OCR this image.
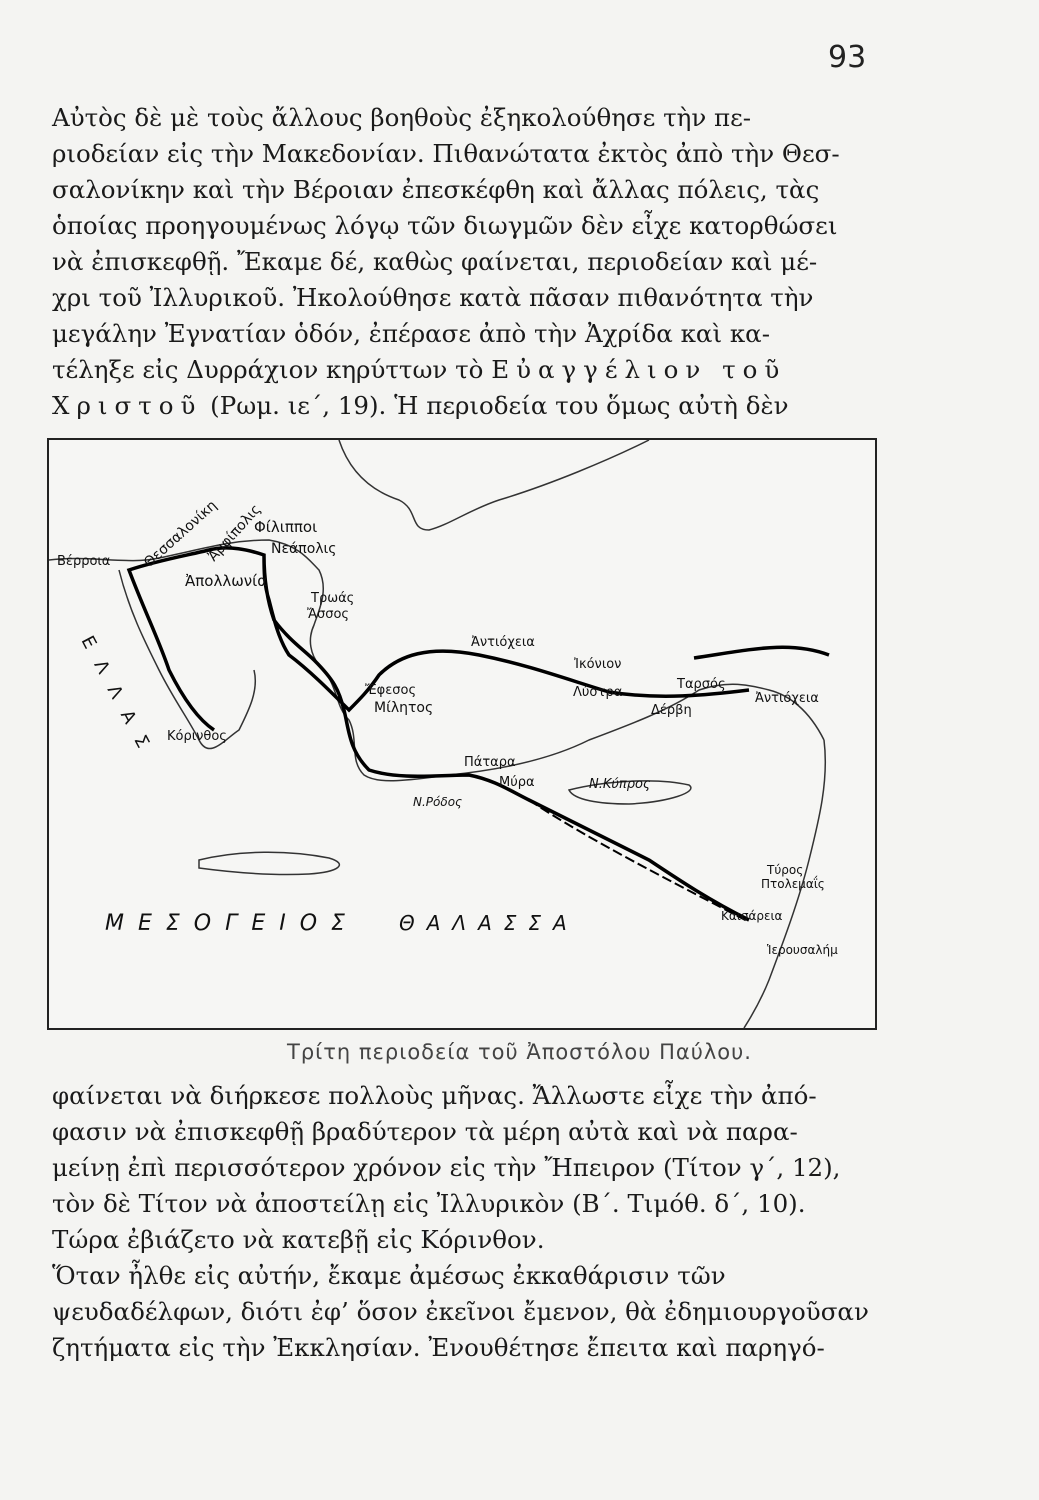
93
Αὐτὸς δὲ μὲ τοὺς ἄλλους βοηθοὺς ἐξηκολούθησε τὴν πε-
ριοδείαν εἰς τὴν Μακεδονίαν. Πιθανώτατα ἐκτὸς ἀπὸ τὴν Θεσ-
σαλονίκην καὶ τὴν Βέροιαν ἐπεσκέφθη καὶ ἄλλας πόλεις, τὰς
ὁποίας προηγουμένως λόγῳ τῶν διωγμῶν δὲν εἶχε κατορθώσει
νὰ ἐπισκεφθῇ. Ἔκαμε δέ, καθὼς φαίνεται, περιοδείαν καὶ μέ-
χρι τοῦ Ἰλλυρικοῦ. Ἠκολούθησε κατὰ πᾶσαν πιθανότητα τὴν
μεγάλην Ἐγνατίαν ὁδόν, ἐπέρασε ἀπὸ τὴν Ἀχρίδα καὶ κα-
τέληξε εἰς Δυρράχιον κηρύττων τὸ Εὐαγγέλιον τοῦ
Χριστοῦ (Ρωμ. ιε΄, 19). Ἡ περιοδεία του ὅμως αὐτὴ δὲν
Φίλιπποι
Ἀμφίπολις
Θεσσαλονίκη	Νεάπολις
Βέρροια
Ἀπολλωνία
Τρωάς
Ἄσσος
Ἀντιόχεια
Ἰκόνιον
Λύστρα
Δέρβη
Ταρσός
Ἀντιόχεια
Ἔφεσος
Μίλητος
Πάταρα
Μύρα
Ν.Ρόδος
Ν.Κύπρος
Κόρινθος
Τύρος
Πτολεμαΐς
Καισάρεια
Ἱερουσαλήμ
ΕΛΛΑΣ
ΜΕΣΟΓΕΙΟΣ ΘΑΛΑΣΣΑ
Τρίτη περιοδεία τοῦ Ἀποστόλου Παύλου.
φαίνεται νὰ διήρκεσε πολλοὺς μῆνας. Ἄλλωστε εἶχε τὴν ἀπό-
φασιν νὰ ἐπισκεφθῇ βραδύτερον τὰ μέρη αὐτὰ καὶ νὰ παρα-
μείνῃ ἐπὶ περισσότερον χρόνον εἰς τὴν Ἤπειρον (Τίτον γ΄, 12),
τὸν δὲ Τίτον νὰ ἀποστείλῃ εἰς Ἰλλυρικὸν (Β΄. Τιμόθ. δ΄, 10).
Τώρα ἐβιάζετο νὰ κατεβῇ εἰς Κόρινθον.
Ὅταν ἦλθε εἰς αὐτήν, ἔκαμε ἀμέσως ἐκκαθάρισιν τῶν
ψευδαδέλφων, διότι ἐφ’ ὅσον ἐκεῖνοι ἔμενον, θὰ ἐδημιουργοῦσαν
ζητήματα εἰς τὴν Ἐκκλησίαν. Ἐνουθέτησε ἔπειτα καὶ παρηγό-
